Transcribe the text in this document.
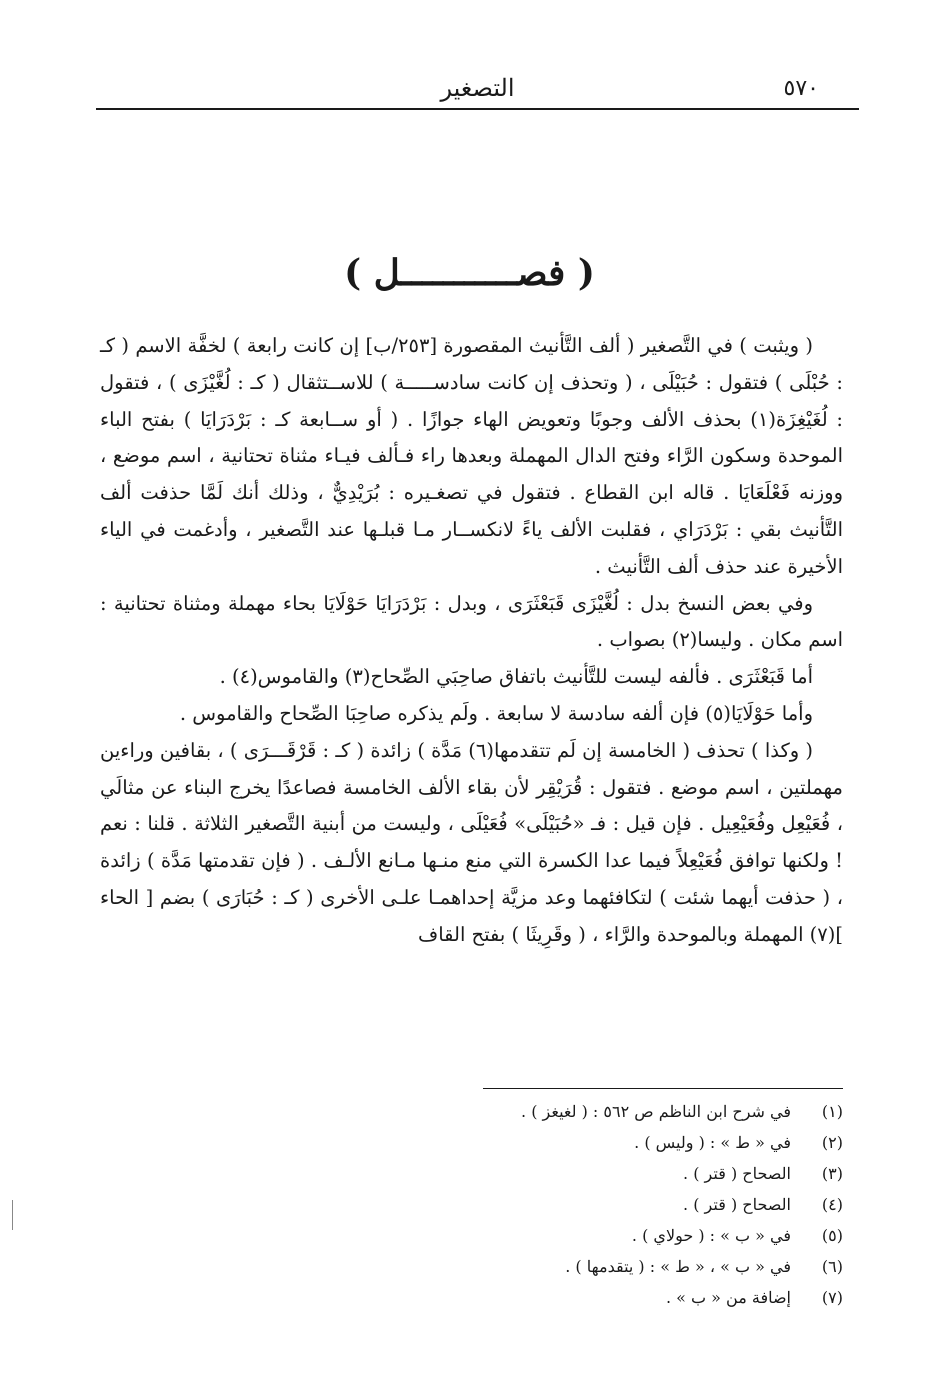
٥٧٠
التصغير
( فصـــــــــــل )

( ويثبت ) في التَّصغير ( ألف التَّأنيث المقصورة [٢٥٣/ب] إن كانت رابعة ) لخفَّة الاسم ( كـ : حُبْلَى ) فتقول : حُبَيْلَى ، ( وتحذف إن كانت سادســـــة ) للاســتثقال ( كـ : لُغَّيْزَى ) ، فتقول : لُغَيْغِزَة(١) بحذف الألف وجوبًا وتعويض الهاء جوازًا . ( أو ســابعة كـ : بَرْدَرَايَا ) بفتح الباء الموحدة وسكون الرَّاء وفتح الدال المهملة وبعدها راء فـألف فيـاء مثناة تحتانية ، اسم موضع ، ووزنه فَعْلَعَايَا . قاله ابن القطاع . فتقول في تصغـيره : بُرَيْدِيٌّ ، وذلك أنك لَمَّا حذفت ألف التَّأنيث بقي : بَرْدَرَاي ، فقلبت الألف ياءً لانكســار مـا قبلـها عند التَّصغير ، وأدغمت في الياء الأخيرة عند حذف ألف التَّأنيث .

وفي بعض النسخ بدل : لُغَّيْزَى قَبَعْثَرَى ، وبدل : بَرْدَرَايَا حَوْلَايَا بحاء مهملة ومثناة تحتانية : اسم مكان . وليسا(٢) بصواب .

أما قَبَعْثَرَى . فألفه ليست للتَّأنيث باتفاق صاحِبَي الصِّحاح(٣) والقاموس(٤) .

وأما حَوْلَايَا(٥) فإن ألفه سادسة لا سابعة . ولَم يذكره صاحِبَا الصِّحاح والقاموس .

( وكذا ) تحذف ( الخامسة إن لَم تتقدمها(٦) مَدَّة ) زائدة ( كـ : قَرْقَـــرَى ) ، بقافين وراءين مهملتين ، اسم موضع . فتقول : قُرَيْقِر لأن بقاء الألف الخامسة فصاعدًا يخرج البناء عن مثالَي ، فُعَيْعِل وفُعَيْعِيل . فإن قيل : فـ «حُبَيْلَى» فُعَيْلَى ، وليست من أبنية التَّصغير الثلاثة . قلنا : نعم ! ولكنها توافق فُعَيْعِلاً فيما عدا الكسرة التي منع منـها مـانع الألـف . ( فإن تقدمتها مَدَّة ) زائدة ، ( حذفت أيهما شئت ) لتكافئهما وعد مزيَّة إحداهمـا علـى الأخرى ( كـ : حُبَارَى ) بضم [ الحاء ](٧) المهملة وبالموحدة والرَّاء ، ( وقَرِيثَا ) بفتح القاف

(١)
في شرح ابن الناظم ص ٥٦٢ : ( لغيغز ) .
(٢)
في « ط » : ( وليس ) .
(٣)
الصحاح ( قتر ) .
(٤)
الصحاح ( قتر ) .
(٥)
في « ب » : ( حولاي ) .
(٦)
في « ب » ، « ط » : ( يتقدمها ) .
(٧)
إضافة من « ب » .
